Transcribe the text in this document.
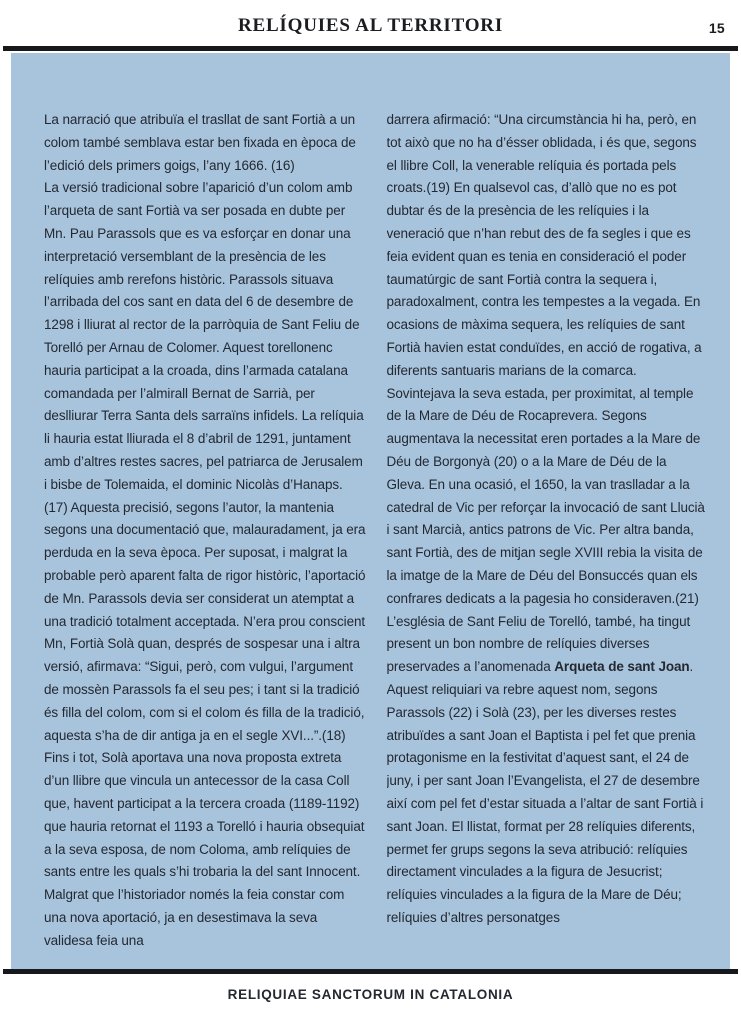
RELÍQUIES AL TERRITORI	15

La narració que atribuïa el trasllat de sant Fortià a un colom també semblava estar ben fixada en època de l’edició dels primers goigs, l’any 1666. (16)

La versió tradicional sobre l’aparició d’un colom amb l’arqueta de sant Fortià va ser posada en dubte per Mn. Pau Parassols que es va esforçar en donar una interpretació versemblant de la presència de les relíquies amb rerefons històric. Parassols situava l’arribada del cos sant en data del 6 de desembre de 1298 i lliurat al rector de la parròquia de Sant Feliu de Torelló per Arnau de Colomer. Aquest torellonenc hauria participat a la croada, dins l’armada catalana comandada per l’almirall Bernat de Sarrià, per deslliurar Terra Santa dels sarraïns infidels. La relíquia li hauria estat lliurada el 8 d’abril de 1291, juntament amb d’altres restes sacres, pel patriarca de Jerusalem i bisbe de Tolemaida, el dominic Nicolàs d’Hanaps.(17) Aquesta precisió, segons l’autor, la mantenia segons una documentació que, malauradament, ja era perduda en la seva època. Per suposat, i malgrat la probable però aparent falta de rigor històric, l’aportació de Mn. Parassols devia ser considerat un atemptat a una tradició totalment acceptada. N’era prou conscient Mn, Fortià Solà quan, després de sospesar una i altra versió, afirmava: “Sigui, però, com vulgui, l’argument de mossèn Parassols fa el seu pes; i tant si la tradició és filla del colom, com si el colom és filla de la tradició, aquesta s’ha de dir antiga ja en el segle XVI...”.(18) Fins i tot, Solà aportava una nova proposta extreta d’un llibre que vincula un antecessor de la casa Coll que, havent participat a la tercera croada (1189-1192) que hauria retornat el 1193 a Torelló i hauria obsequiat a la seva esposa, de nom Coloma, amb relíquies de sants entre les quals s’hi trobaria la del sant Innocent. Malgrat que l’historiador només la feia constar com una nova aportació, ja en desestimava la seva validesa feia una

darrera afirmació: “Una circumstància hi ha, però, en tot això que no ha d’ésser oblidada, i és que, segons el llibre Coll, la venerable relíquia és portada pels croats.(19) En qualsevol cas, d’allò que no es pot dubtar és de la presència de les relíquies i la veneració que n’han rebut des de fa segles i que es feia evident quan es tenia en consideració el poder taumatúrgic de sant Fortià contra la sequera i, paradoxalment, contra les tempestes a la vegada. En ocasions de màxima sequera, les relíquies de sant Fortià havien estat conduïdes, en acció de rogativa, a diferents santuaris marians de la comarca.

Sovintejava la seva estada, per proximitat, al temple de la Mare de Déu de Rocaprevera. Segons augmentava la necessitat eren portades a la Mare de Déu de Borgonyà (20) o a la Mare de Déu de la Gleva. En una ocasió, el 1650, la van traslladar a la catedral de Vic per reforçar la invocació de sant Llucià i sant Marcià, antics patrons de Vic. Per altra banda, sant Fortià, des de mitjan segle XVIII rebia la visita de la imatge de la Mare de Déu del Bonsuccés quan els confrares dedicats a la pagesia ho consideraven.(21)

L’església de Sant Feliu de Torelló, també, ha tingut present un bon nombre de relíquies diverses preservades a l’anomenada Arqueta de sant Joan. Aquest reliquiari va rebre aquest nom, segons Parassols (22) i Solà (23), per les diverses restes atribuïdes a sant Joan el Baptista i pel fet que prenia protagonisme en la festivitat d’aquest sant, el 24 de juny, i per sant Joan l’Evangelista, el 27 de desembre així com pel fet d’estar situada a l’altar de sant Fortià i sant Joan. El llistat, format per 28 relíquies diferents, permet fer grups segons la seva atribució: relíquies directament vinculades a la figura de Jesucrist; relíquies vinculades a la figura de la Mare de Déu; relíquies d’altres personatges

RELIQUIAE SANCTORUM IN CATALONIA
